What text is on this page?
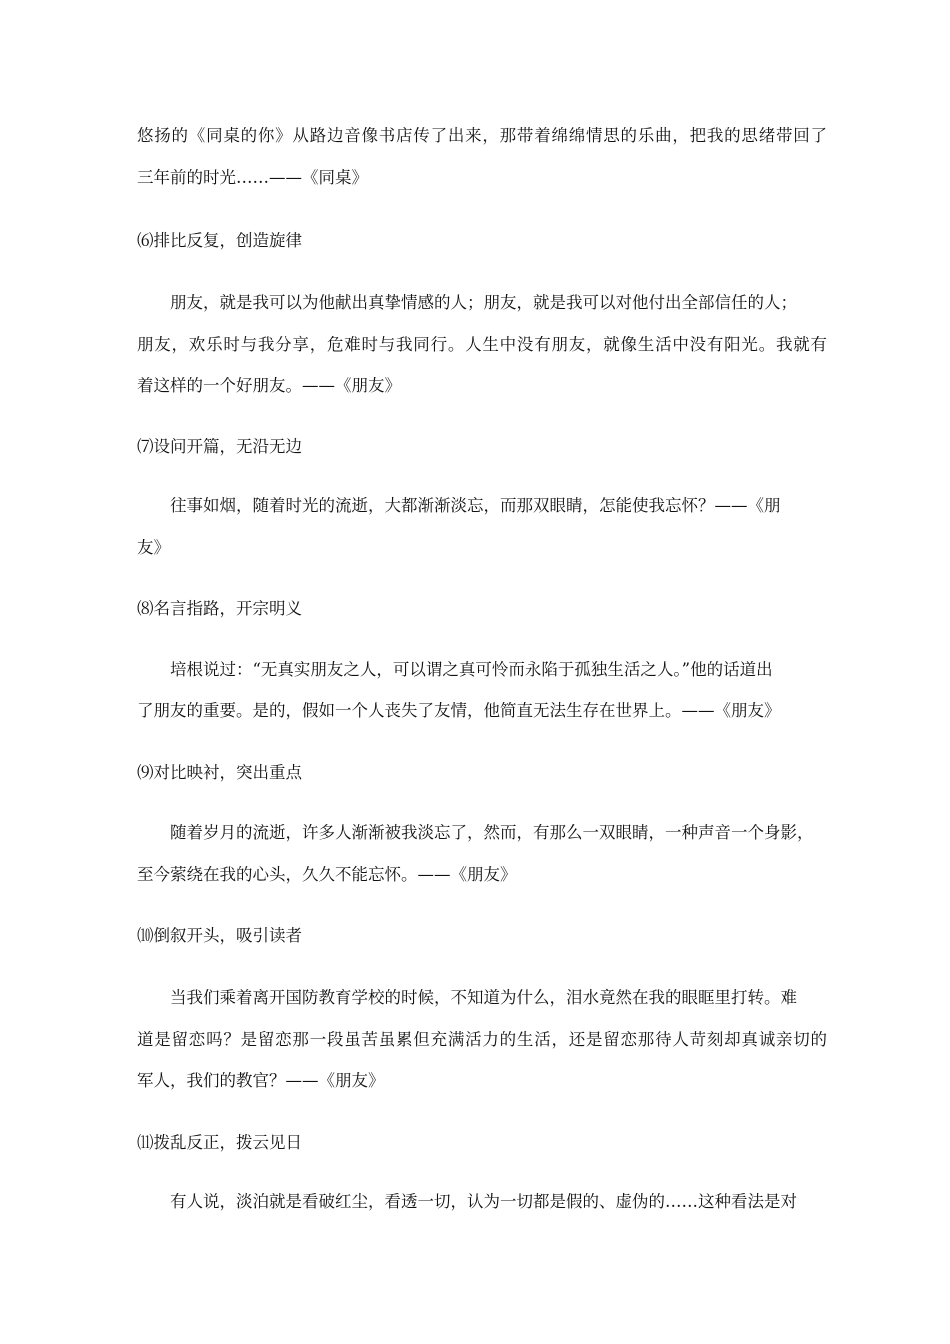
悠扬的《同桌的你》从路边音像书店传了出来，那带着绵绵情思的乐曲，把我的思绪带回了
三年前的时光……——《同桌》
⑹排比反复，创造旋律
朋友，就是我可以为他献出真挚情感的人；朋友，就是我可以对他付出全部信任的人；
朋友，欢乐时与我分享，危难时与我同行。人生中没有朋友，就像生活中没有阳光。我就有
着这样的一个好朋友。——《朋友》
⑺设问开篇，无沿无边
往事如烟，随着时光的流逝，大都渐渐淡忘，而那双眼睛，怎能使我忘怀？——《朋
友》
⑻名言指路，开宗明义
培根说过：“无真实朋友之人，可以谓之真可怜而永陷于孤独生活之人。”他的话道出
了朋友的重要。是的，假如一个人丧失了友情，他简直无法生存在世界上。——《朋友》
⑼对比映衬，突出重点
随着岁月的流逝，许多人渐渐被我淡忘了，然而，有那么一双眼睛，一种声音一个身影，
至今萦绕在我的心头，久久不能忘怀。——《朋友》
⑽倒叙开头，吸引读者
当我们乘着离开国防教育学校的时候，不知道为什么，泪水竟然在我的眼眶里打转。难
道是留恋吗？是留恋那一段虽苦虽累但充满活力的生活，还是留恋那待人苛刻却真诚亲切的
军人，我们的教官？——《朋友》
⑾拨乱反正，拨云见日
有人说，淡泊就是看破红尘，看透一切，认为一切都是假的、虚伪的……这种看法是对
